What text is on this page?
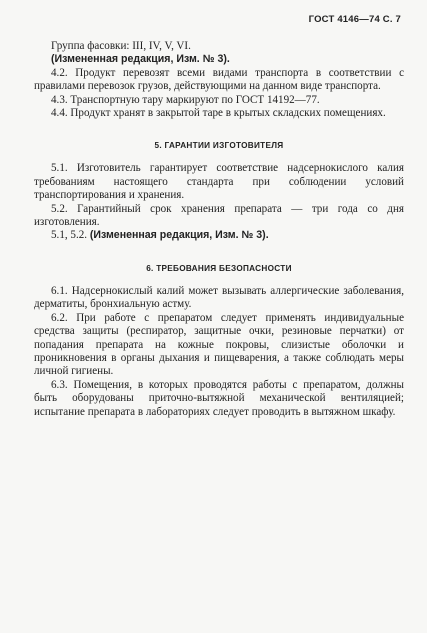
ГОСТ 4146—74 С. 7

Группа фасовки: III, IV, V, VI.

(Измененная редакция, Изм. № 3).

4.2. Продукт перевозят всеми видами транспорта в соответствии с правилами перевозок грузов, действующими на данном виде транспорта.

4.3. Транспортную тару маркируют по ГОСТ 14192—77.

4.4. Продукт хранят в закрытой таре в крытых складских помещениях.

5. ГАРАНТИИ ИЗГОТОВИТЕЛЯ

5.1. Изготовитель гарантирует соответствие надсернокислого калия требованиям настоящего стандарта при соблюдении условий транспортирования и хранения.

5.2. Гарантийный срок хранения препарата — три года со дня изготовления.

5.1, 5.2. (Измененная редакция, Изм. № 3).

6. ТРЕБОВАНИЯ БЕЗОПАСНОСТИ

6.1. Надсернокислый калий может вызывать аллергические заболевания, дерматиты, бронхиальную астму.

6.2. При работе с препаратом следует применять индивидуальные средства защиты (респиратор, защитные очки, резиновые перчатки) от попадания препарата на кожные покровы, слизистые оболочки и проникновения в органы дыхания и пищеварения, а также соблюдать меры личной гигиены.

6.3. Помещения, в которых проводятся работы с препаратом, должны быть оборудованы приточно-вытяжной механической вентиляцией; испытание препарата в лабораториях следует проводить в вытяжном шкафу.
